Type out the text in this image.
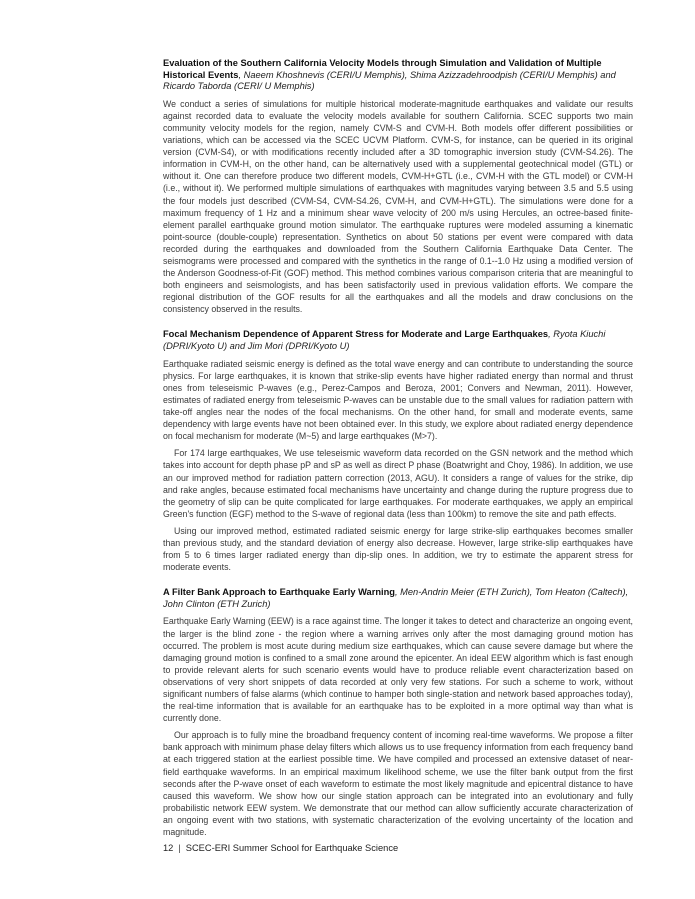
Evaluation of the Southern California Velocity Models through Simulation and Validation of Multiple Historical Events, Naeem Khoshnevis (CERI/U Memphis), Shima Azizzadehroodpish (CERI/U Memphis) and Ricardo Taborda (CERI/ U Memphis)

We conduct a series of simulations for multiple historical moderate-magnitude earthquakes and validate our results against recorded data to evaluate the velocity models available for southern California. SCEC supports two main community velocity models for the region, namely CVM-S and CVM-H. Both models offer different possibilities or variations, which can be accessed via the SCEC UCVM Platform. CVM-S, for instance, can be queried in its original version (CVM-S4), or with modifications recently included after a 3D tomographic inversion study (CVM-S4.26). The information in CVM-H, on the other hand, can be alternatively used with a supplemental geotechnical model (GTL) or without it. One can therefore produce two different models, CVM-H+GTL (i.e., CVM-H with the GTL model) or CVM-H (i.e., without it). We performed multiple simulations of earthquakes with magnitudes varying between 3.5 and 5.5 using the four models just described (CVM-S4, CVM-S4.26, CVM-H, and CVM-H+GTL). The simulations were done for a maximum frequency of 1 Hz and a minimum shear wave velocity of 200 m/s using Hercules, an octree-based finite-element parallel earthquake ground motion simulator. The earthquake ruptures were modeled assuming a kinematic point-source (double-couple) representation. Synthetics on about 50 stations per event were compared with data recorded during the earthquakes and downloaded from the Southern California Earthquake Data Center. The seismograms were processed and compared with the synthetics in the range of 0.1--1.0 Hz using a modified version of the Anderson Goodness-of-Fit (GOF) method. This method combines various comparison criteria that are meaningful to both engineers and seismologists, and has been satisfactorily used in previous validation efforts. We compare the regional distribution of the GOF results for all the earthquakes and all the models and draw conclusions on the consistency observed in the results.

Focal Mechanism Dependence of Apparent Stress for Moderate and Large Earthquakes, Ryota Kiuchi (DPRI/Kyoto U) and Jim Mori (DPRI/Kyoto U)

Earthquake radiated seismic energy is defined as the total wave energy and can contribute to understanding the source physics. For large earthquakes, it is known that strike-slip events have higher radiated energy than normal and thrust ones from teleseismic P-waves (e.g., Perez-Campos and Beroza, 2001; Convers and Newman, 2011). However, estimates of radiated energy from teleseismic P-waves can be unstable due to the small values for radiation pattern with take-off angles near the nodes of the focal mechanisms. On the other hand, for small and moderate events, same dependency with large events have not been obtained ever. In this study, we explore about radiated energy dependence on focal mechanism for moderate (M~5) and large earthquakes (M>7).

For 174 large earthquakes, We use teleseismic waveform data recorded on the GSN network and the method which takes into account for depth phase pP and sP as well as direct P phase (Boatwright and Choy, 1986). In addition, we use an our improved method for radiation pattern correction (2013, AGU). It considers a range of values for the strike, dip and rake angles, because estimated focal mechanisms have uncertainty and change during the rupture progress due to the geometry of slip can be quite complicated for large earthquakes. For moderate earthquakes, we apply an empirical Green's function (EGF) method to the S-wave of regional data (less than 100km) to remove the site and path effects.

Using our improved method, estimated radiated seismic energy for large strike-slip earthquakes becomes smaller than previous study, and the standard deviation of energy also decrease. However, large strike-slip earthquakes have from 5 to 6 times larger radiated energy than dip-slip ones. In addition, we try to estimate the apparent stress for moderate events.

A Filter Bank Approach to Earthquake Early Warning, Men-Andrin Meier (ETH Zurich), Tom Heaton (Caltech), John Clinton (ETH Zurich)

Earthquake Early Warning (EEW) is a race against time. The longer it takes to detect and characterize an ongoing event, the larger is the blind zone - the region where a warning arrives only after the most damaging ground motion has occurred. The problem is most acute during medium size earthquakes, which can cause severe damage but where the damaging ground motion is confined to a small zone around the epicenter. An ideal EEW algorithm which is fast enough to provide relevant alerts for such scenario events would have to produce reliable event characterization based on observations of very short snippets of data recorded at only very few stations. For such a scheme to work, without significant numbers of false alarms (which continue to hamper both single-station and network based approaches today), the real-time information that is available for an earthquake has to be exploited in a more optimal way than what is currently done.

Our approach is to fully mine the broadband frequency content of incoming real-time waveforms. We propose a filter bank approach with minimum phase delay filters which allows us to use frequency information from each frequency band at each triggered station at the earliest possible time. We have compiled and processed an extensive dataset of near-field earthquake waveforms. In an empirical maximum likelihood scheme, we use the filter bank output from the first seconds after the P-wave onset of each waveform to estimate the most likely magnitude and epicentral distance to have caused this waveform. We show how our single station approach can be integrated into an evolutionary and fully probabilistic network EEW system. We demonstrate that our method can allow sufficiently accurate characterization of an ongoing event with two stations, with systematic characterization of the evolving uncertainty of the location and magnitude.

12 | SCEC-ERI Summer School for Earthquake Science
